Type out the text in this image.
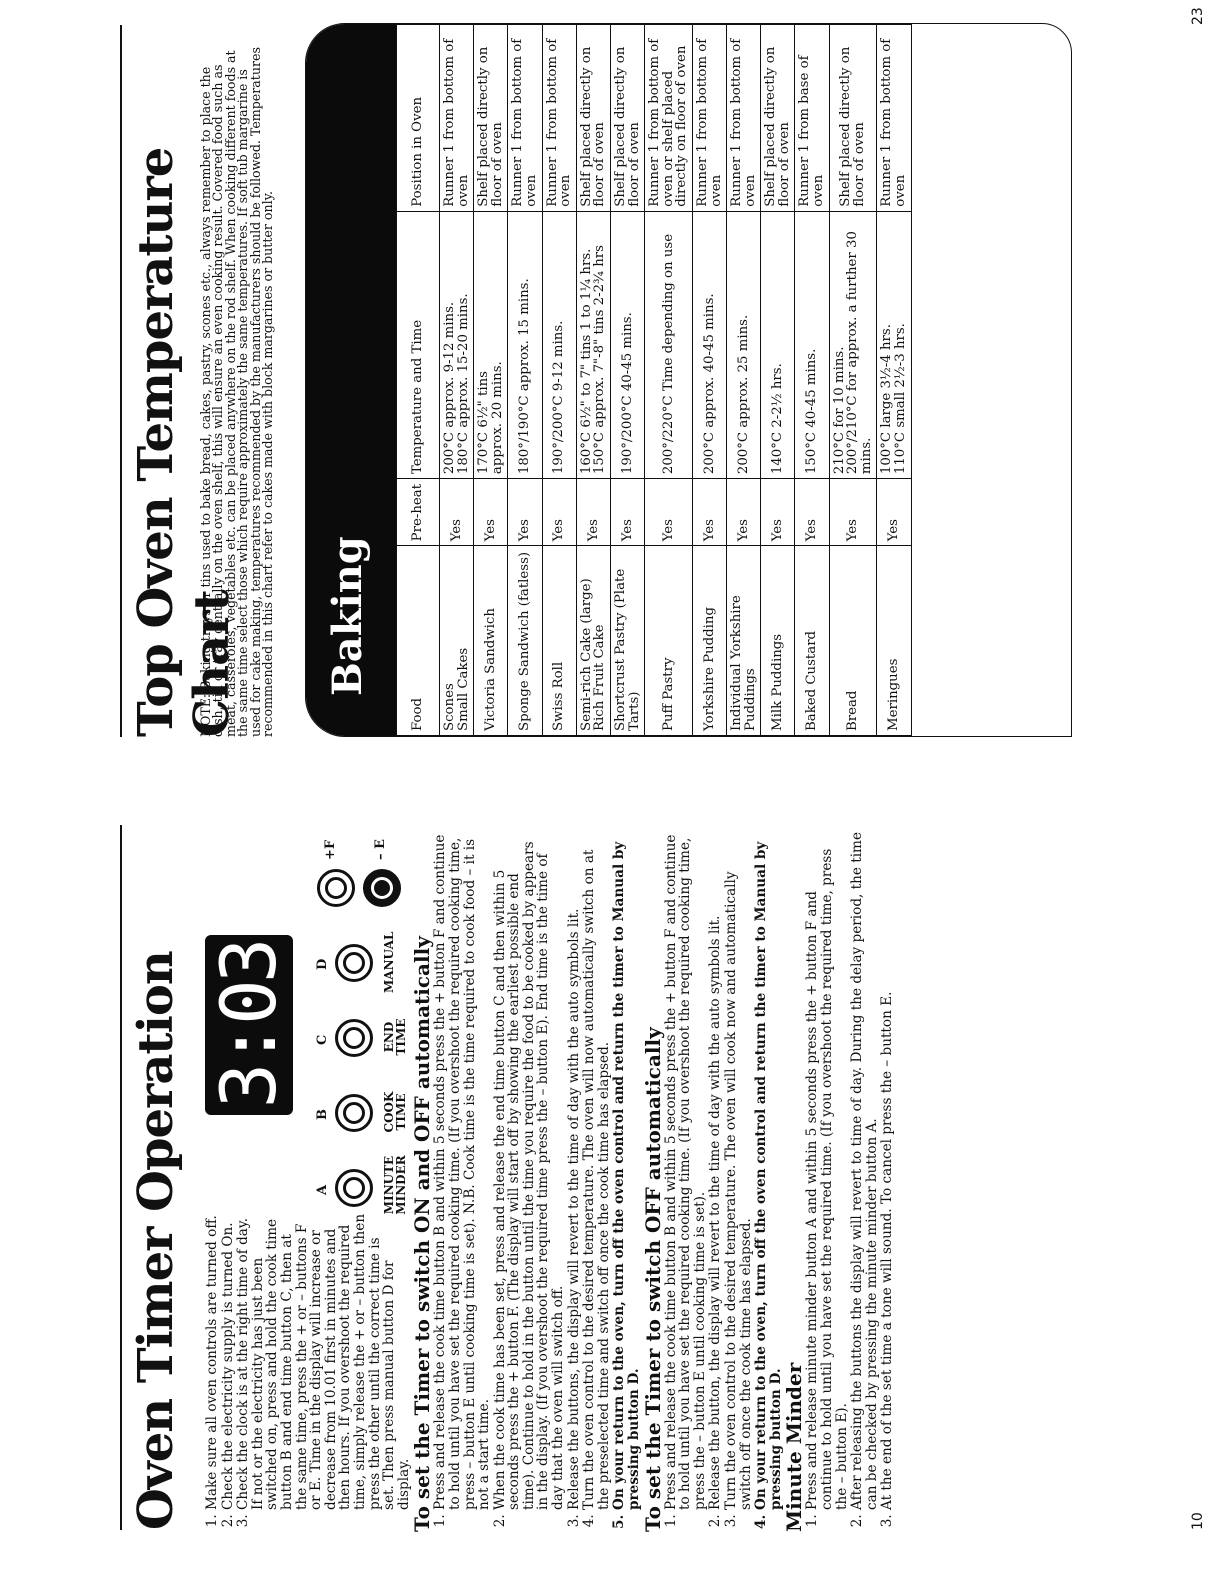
Oven Timer Operation 1. Make sure all oven controls are turned off. 2. Check the electricity supply is turned On. 3. Check the clock is at the right time of day. If not or the electricity has just been switched on, press and hold the cook time button B and end time button C, then at the same time, press the + or – buttons F or E. Time in the display will increase or decrease from 10.01 first in minutes and then hours. If you overshoot the required time, simply release the + or – button then press the other until the correct time is set. Then press manual button D for display.
To set the Timer to switch ON and OFF automatically
1. Press and release the cook time button B and within 5 seconds press the + button F and continue to hold until you have set the required cooking time. (If you overshoot the required cooking time, press – button E until cooking time is set). N.B. Cook time is the time required to cook food – it is not a start time. 2. When the cook time has been set, press and release the end time button C and then within 5 seconds press the + button F. (The display will start off by showing the earliest possible end time). Continue to hold in the button until the time you require the food to be cooked by appears in the display. (If you overshoot the required time press the – button E). End time is the time of day that the oven will switch off. 3. Release the buttons, the display will revert to the time of day with the auto symbols lit. 4. Turn the oven control to the desired temperature. The oven will now automatically switch on at the preselected time and switch off once the cook time has elapsed. 5. On your return to the oven, turn off the oven control and return the timer to Manual by pressing button D.
To set the Timer to switch OFF automatically
1. Press and release the cook time button B and within 5 seconds press the + button F and continue to hold until you have set the required cooking time. (If you overshoot the required cooking time, press the – button E until cooking time is set). 2. Release the button, the display will revert to the time of day with the auto symbols lit. 3. Turn the oven control to the desired temperature. The oven will cook now and automatically switch off once the cook time has elapsed. 4. On your return to the oven, turn off the oven control and return the timer to Manual by pressing button D.
Minute Minder
1. Press and release minute minder button A and within 5 seconds press the + button F and continue to hold until you have set the required time. (If you overshoot the required time, press the – button E). 2. After releasing the buttons the display will revert to time of day. During the delay period, the time can be checked by pressing the minute minder button A. 3. At the end of the set time a tone will sound. To cancel press the – button E.
3:03
A
B
C
D
+F	– E
MINUTE MINDER
COOK TIME
END TIME
MANUAL
10
Top Oven Temperature Chart

NOTE: Baking trays or tins used to bake bread, cakes, pastry, scones etc., always remember to place the dish, tin or tray centrally on the oven shelf, this will ensure an even cooking result. Covered food such as meat, casseroles, vegetables etc. can be placed anywhere on the rod shelf. When cooking different foods at the same time select those which require approximately the same temperatures. If soft tub margarine is used for cake making, temperatures recommended by the manufacturers should be followed. Temperatures recommended in this chart refer to cakes made with block margarines or butter only. Baking
Food	Pre-heat	Temperature and Time	Position in Oven
Scones
Small Cakes	Yes	200°C approx. 9-12 mins.
180°C approx. 15-20 mins.	Runner 1 from bottom of oven
Victoria Sandwich	Yes	170°C 6½" tins
approx. 20 mins.	Shelf placed directly on floor of oven
Sponge Sandwich (fatless)	Yes	180°/190°C approx. 15 mins.	Runner 1 from bottom of oven
Swiss Roll	Yes	190°/200°C 9-12 mins.	Runner 1 from bottom of oven
Semi-rich Cake (large)
Rich Fruit Cake	Yes	160°C 6½" to 7" tins 1 to 1¼ hrs.
150°C approx. 7"-8" tins 2-2¾ hrs	Shelf placed directly on floor of oven
Shortcrust Pastry (Plate Tarts)	Yes	190°/200°C 40-45 mins.	Shelf placed directly on floor of oven
Puff Pastry	Yes	200°/220°C Time depending on use	Runner 1 from bottom of oven or shelf placed directly on floor of oven
Yorkshire Pudding	Yes	200°C approx. 40-45 mins.	Runner 1 from bottom of oven
Individual Yorkshire Puddings	Yes	200°C approx. 25 mins.	Runner 1 from bottom of oven
Milk Puddings	Yes	140°C 2-2½ hrs.	Shelf placed directly on floor of oven
Baked Custard	Yes	150°C 40-45 mins.	Runner 1 from base of oven
Bread	Yes	210°C for 10 mins.
200°/210°C for approx. a further 30 mins.	Shelf placed directly on floor of oven
Meringues	Yes	100°C large 3½-4 hrs.
110°C small 2½-3 hrs.	Runner 1 from bottom of oven
23
